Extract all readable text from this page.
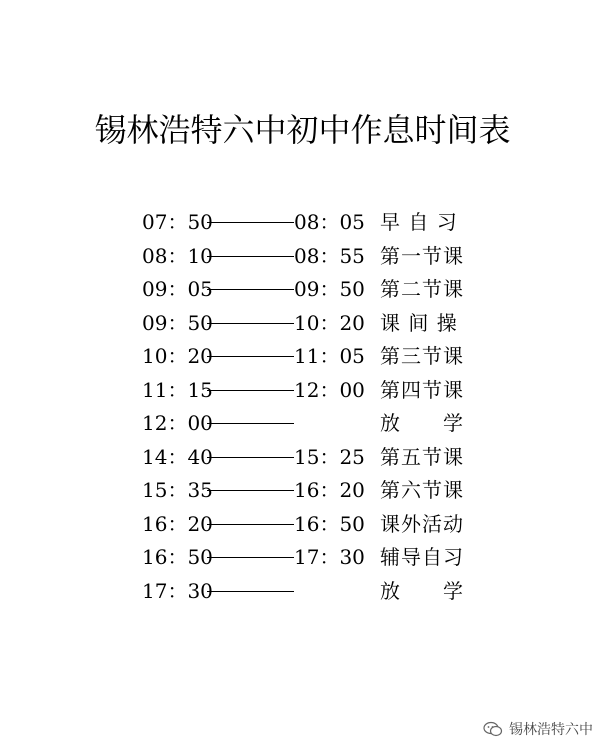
锡林浩特六中初中作息时间表
07：50	08：05 早 自 习
08：10	08：55 第一节课
09：05	09：50 第二节课
09：50	10：20 课 间 操
10：20	11：05 第三节课
11：15	12：00 第四节课
12：00	放　　学
14：40	15：25 第五节课
15：35	16：20 第六节课
16：20	16：50 课外活动
16：50	17：30 辅导自习
17：30	放　　学
锡林浩特六中
